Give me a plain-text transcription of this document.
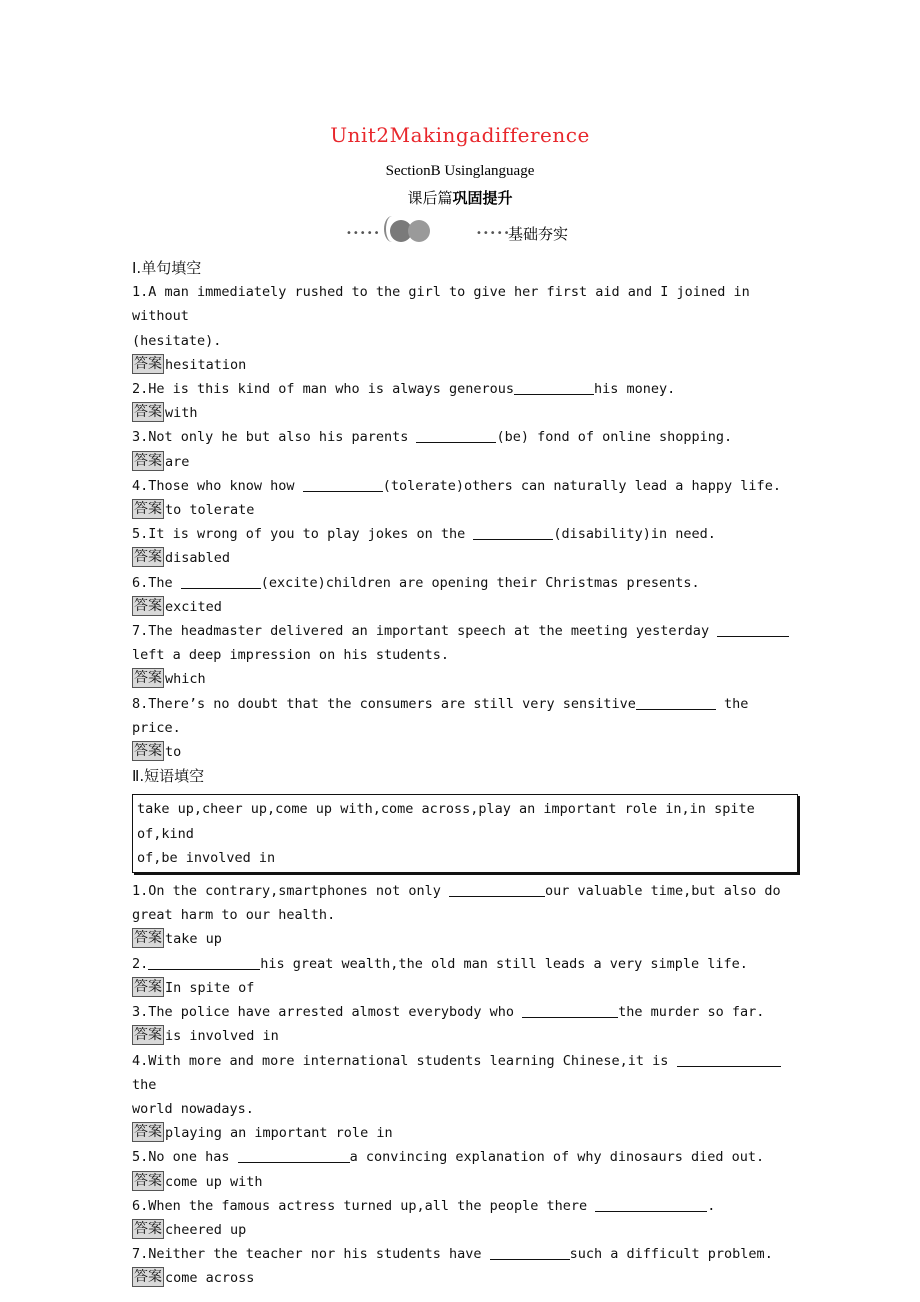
Unit2Makingadifference
SectionB Usinglanguage
课后篇巩固提升
•••••	•••••
基础夯实
Ⅰ.单句填空
1.A man immediately rushed to the girl to give her first aid and I joined in without
(hesitate).
答案 hesitation
2.He is this kind of man who is always generous	his money.
答案 with
3.Not only he but also his parents	(be) fond of online shopping.
答案 are
4.Those who know how	(tolerate)others can naturally lead a happy life.
答案 to tolerate
5.It is wrong of you to play jokes on the	(disability)in need.
答案 disabled
6.The	(excite)children are opening their Christmas presents.
答案 excited
7.The headmaster delivered an important speech at the meeting yesterday
left a deep impression on his students.
答案 which
8.There’s no doubt that the consumers are still very sensitive	the price.
答案 to
Ⅱ.短语填空
take up,cheer up,come up with,come across,play an important role in,in spite of,kind
of,be involved in
1.On the contrary,smartphones not only	our valuable time,but also do
great harm to our health.
答案 take up
2.	his great wealth,the old man still leads a very simple life.
答案 In spite of
3.The police have arrested almost everybody who	the murder so far.
答案 is involved in
4.With more and more international students learning Chinese,it is the
world nowadays.
答案 playing an important role in
5.No one has	a convincing explanation of why dinosaurs died out.
答案 come up with
6.When the famous actress turned up,all the people there	.
答案 cheered up
7.Neither the teacher nor his students have	such a difficult problem.
答案 come across
